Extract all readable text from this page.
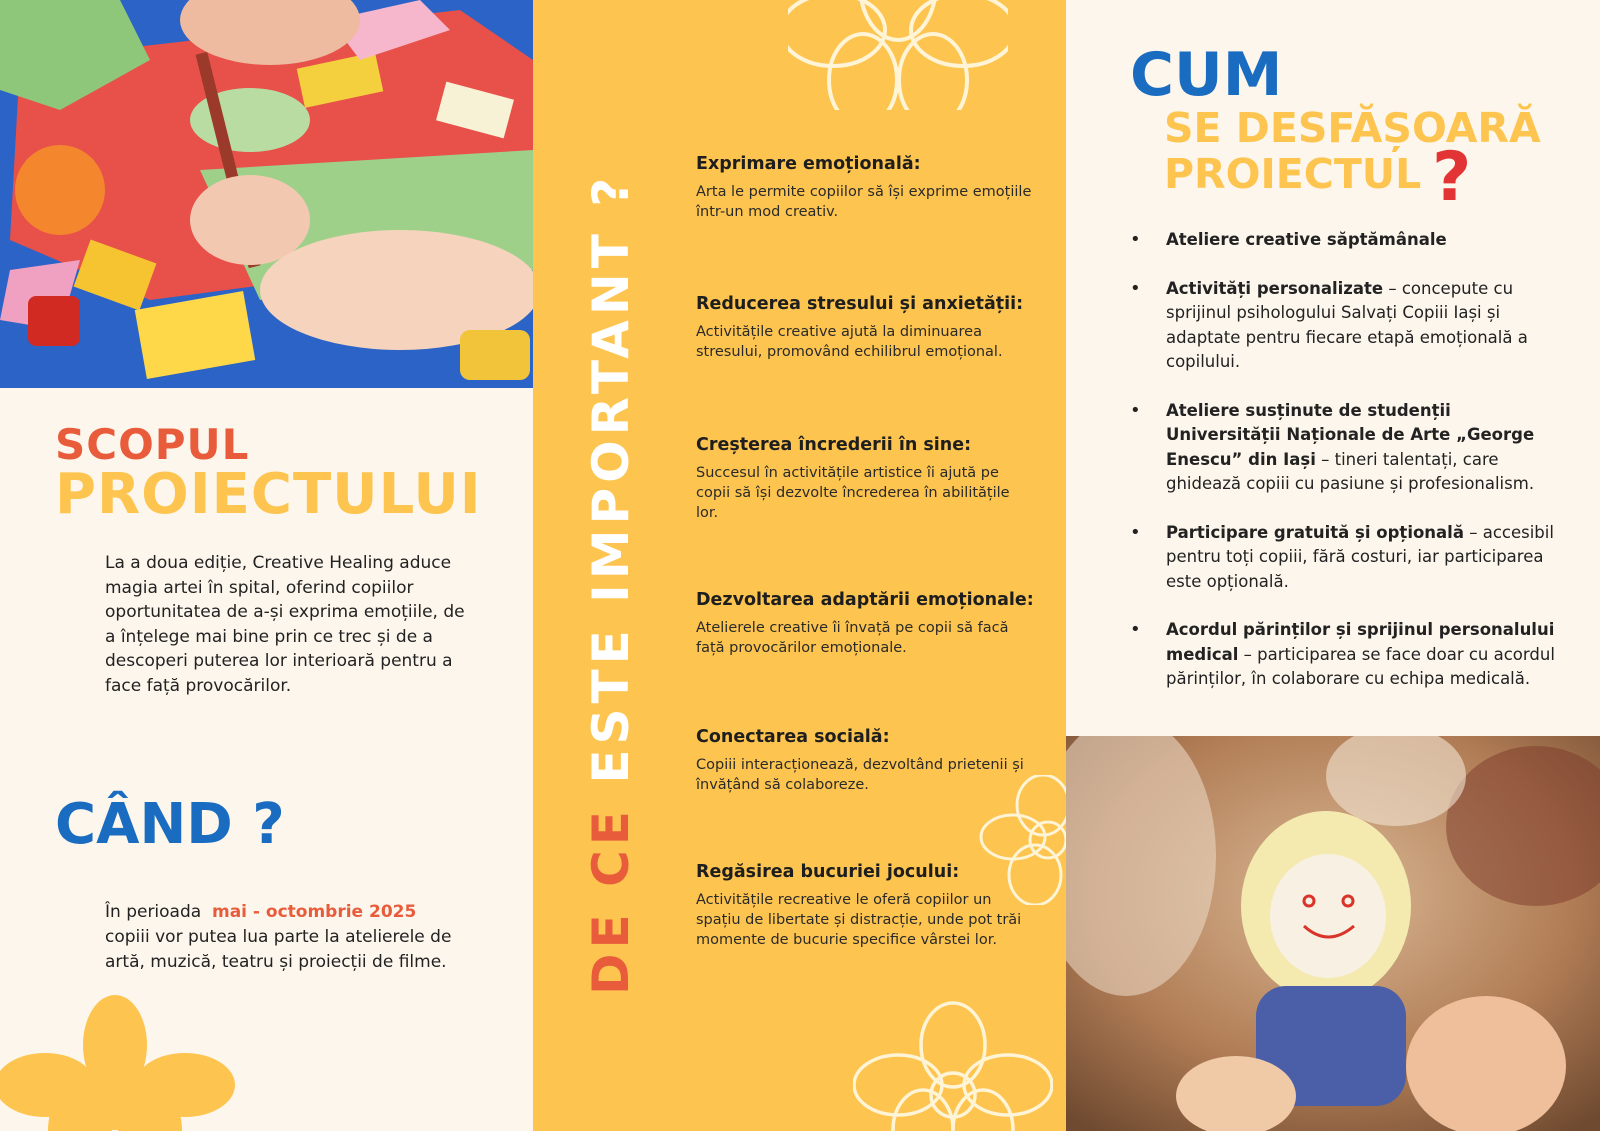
SCOPUL
PROIECTULUI

La a doua ediție, Creative Healing aduce magia artei în spital, oferind copiilor oportunitatea de a-și exprima emoțiile, de a înțelege mai bine prin ce trec și de a descoperi puterea lor interioară pentru a face față provocărilor.

CÂND ?

În perioada mai - octombrie 2025
copiii vor putea lua parte la atelierele de artă, muzică, teatru și proiecții de filme.	DE CE ESTE IMPORTANT ?
Exprimare emoțională:

Arta le permite copiilor să își exprime emoțiile într-un mod creativ.

Reducerea stresului și anxietății:

Activitățile creative ajută la diminuarea stresului, promovând echilibrul emoțional.

Creșterea încrederii în sine:

Succesul în activitățile artistice îi ajută pe copii să își dezvolte încrederea în abilitățile lor.

Dezvoltarea adaptării emoționale:

Atelierele creative îi învață pe copii să facă față provocărilor emoționale.

Conectarea socială:

Copiii interacționează, dezvoltând prietenii și învățând să colaboreze.

Regăsirea bucuriei jocului:

Activitățile recreative le oferă copiilor un spațiu de libertate și distracție, unde pot trăi momente de bucurie specifice vârstei lor.

CUM
SE DESFĂȘOARĂ
PROIECTUL ?
• Ateliere creative săptămânale
• Activități personalizate – concepute cu sprijinul psihologului Salvați Copiii Iași și adaptate pentru fiecare etapă emoțională a copilului.
• Ateliere susținute de studenții Universității Naționale de Arte „George Enescu” din Iași – tineri talentați, care ghidează copiii cu pasiune și profesionalism.
• Participare gratuită și opțională – accesibil pentru toți copiii, fără costuri, iar participarea este opțională.
• Acordul părinților și sprijinul personalului medical – participarea se face doar cu acordul părinților, în colaborare cu echipa medicală.
